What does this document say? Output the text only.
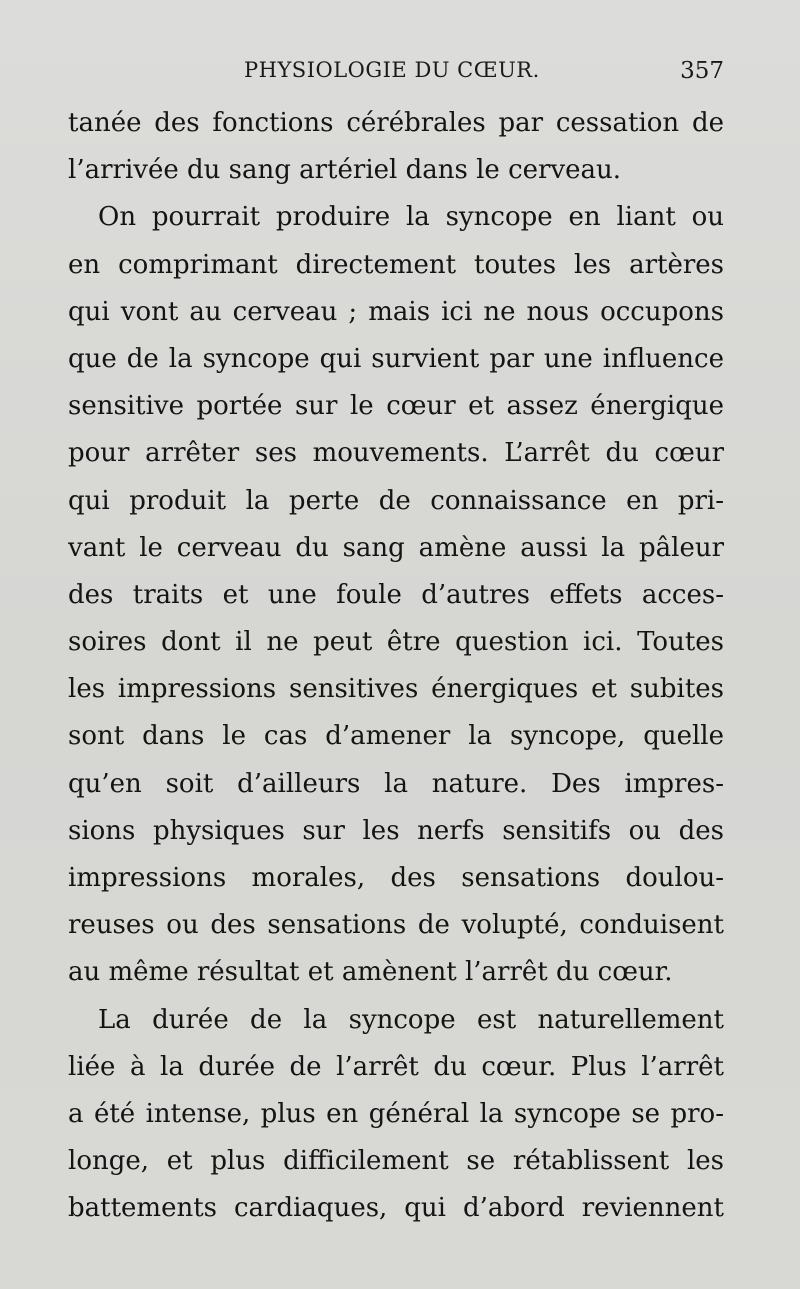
PHYSIOLOGIE DU CŒUR.	357
tanée des fonctions cérébrales par cessation de
l’arrivée du sang artériel dans le cerveau.
On pourrait produire la syncope en liant ou
en comprimant directement toutes les artères
qui vont au cerveau ; mais ici ne nous occupons
que de la syncope qui survient par une influence
sensitive portée sur le cœur et assez énergique
pour arrêter ses mouvements. L’arrêt du cœur
qui produit la perte de connaissance en pri-
vant le cerveau du sang amène aussi la pâleur
des traits et une foule d’autres effets acces-
soires dont il ne peut être question ici. Toutes
les impressions sensitives énergiques et subites
sont dans le cas d’amener la syncope, quelle
qu’en soit d’ailleurs la nature. Des impres-
sions physiques sur les nerfs sensitifs ou des
impressions morales, des sensations doulou-
reuses ou des sensations de volupté, conduisent
au même résultat et amènent l’arrêt du cœur.
La durée de la syncope est naturellement
liée à la durée de l’arrêt du cœur. Plus l’arrêt
a été intense, plus en général la syncope se pro-
longe, et plus difficilement se rétablissent les
battements cardiaques, qui d’abord reviennent
